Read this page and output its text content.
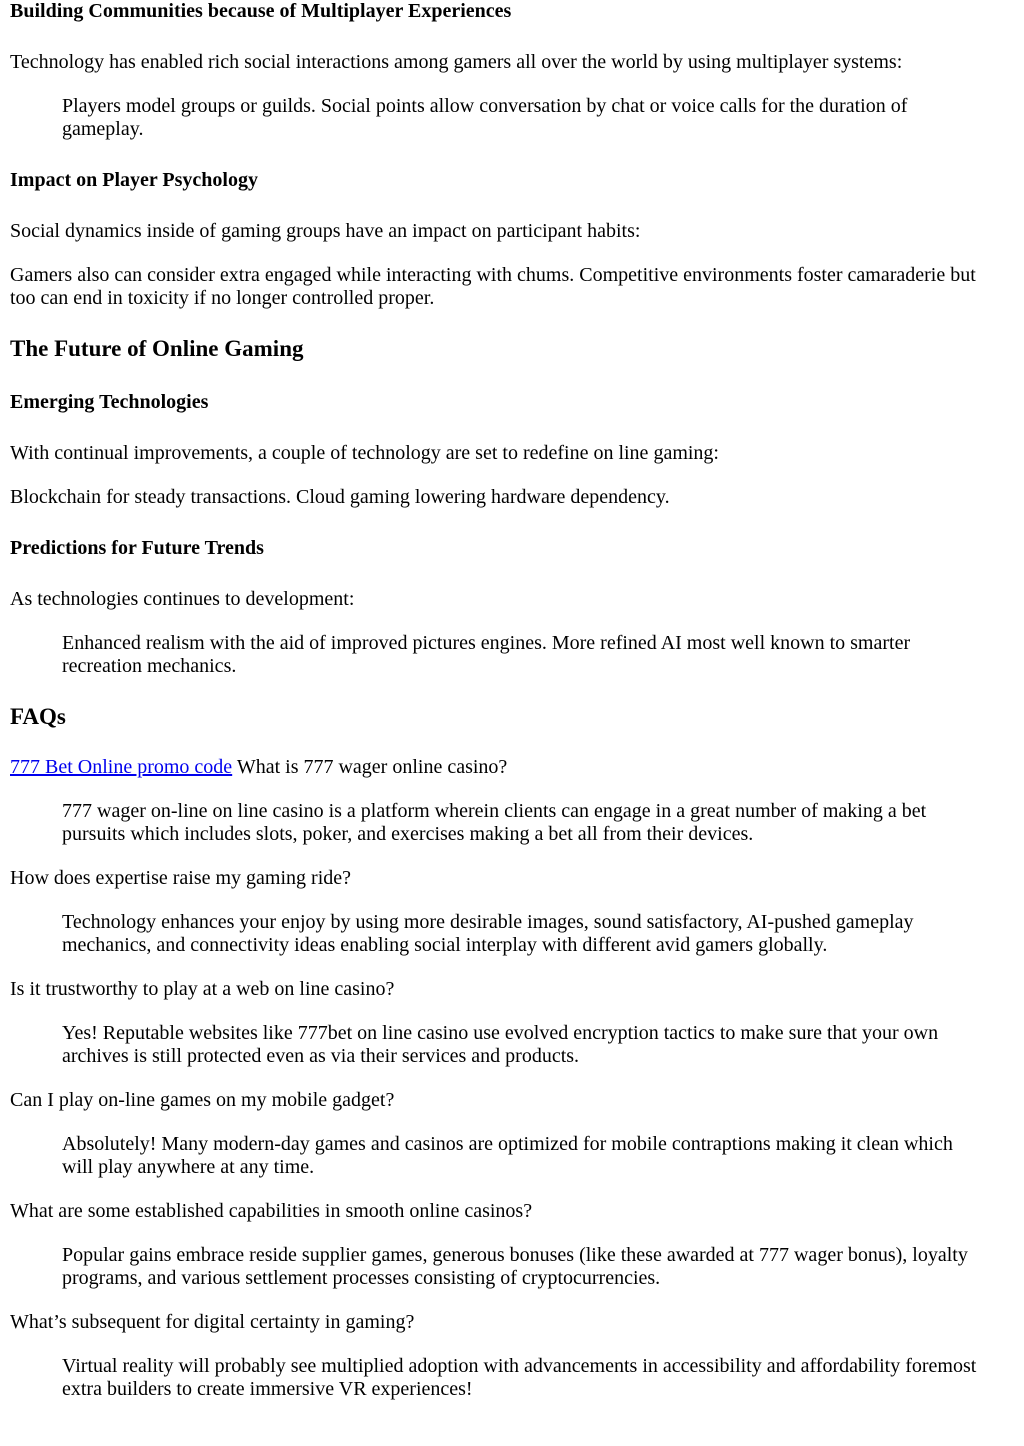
Building Communities because of Multiplayer Experiences

Technology has enabled rich social interactions among gamers all over the world by using multiplayer systems:

Players model groups or guilds. Social points allow conversation by chat or voice calls for the duration of gameplay.
Impact on Player Psychology

Social dynamics inside of gaming groups have an impact on participant habits:

Gamers also can consider extra engaged while interacting with chums. Competitive environments foster camaraderie but too can end in toxicity if no longer controlled proper.

The Future of Online Gaming
Emerging Technologies

With continual improvements, a couple of technology are set to redefine on line gaming:

Blockchain for steady transactions. Cloud gaming lowering hardware dependency.

Predictions for Future Trends

As technologies continues to development:

Enhanced realism with the aid of improved pictures engines. More refined AI most well known to smarter recreation mechanics.
FAQs

777 Bet Online promo code What is 777 wager online casino?

777 wager on-line on line casino is a platform wherein clients can engage in a great number of making a bet pursuits which includes slots, poker, and exercises making a bet all from their devices.

How does expertise raise my gaming ride?

Technology enhances your enjoy by using more desirable images, sound satisfactory, AI-pushed gameplay mechanics, and connectivity ideas enabling social interplay with different avid gamers globally.

Is it trustworthy to play at a web on line casino?

Yes! Reputable websites like 777bet on line casino use evolved encryption tactics to make sure that your own archives is still protected even as via their services and products.

Can I play on-line games on my mobile gadget?

Absolutely! Many modern-day games and casinos are optimized for mobile contraptions making it clean which will play anywhere at any time.

What are some established capabilities in smooth online casinos?

Popular gains embrace reside supplier games, generous bonuses (like these awarded at 777 wager bonus), loyalty programs, and various settlement processes consisting of cryptocurrencies.

What’s subsequent for digital certainty in gaming?

Virtual reality will probably see multiplied adoption with advancements in accessibility and affordability foremost extra builders to create immersive VR experiences!
